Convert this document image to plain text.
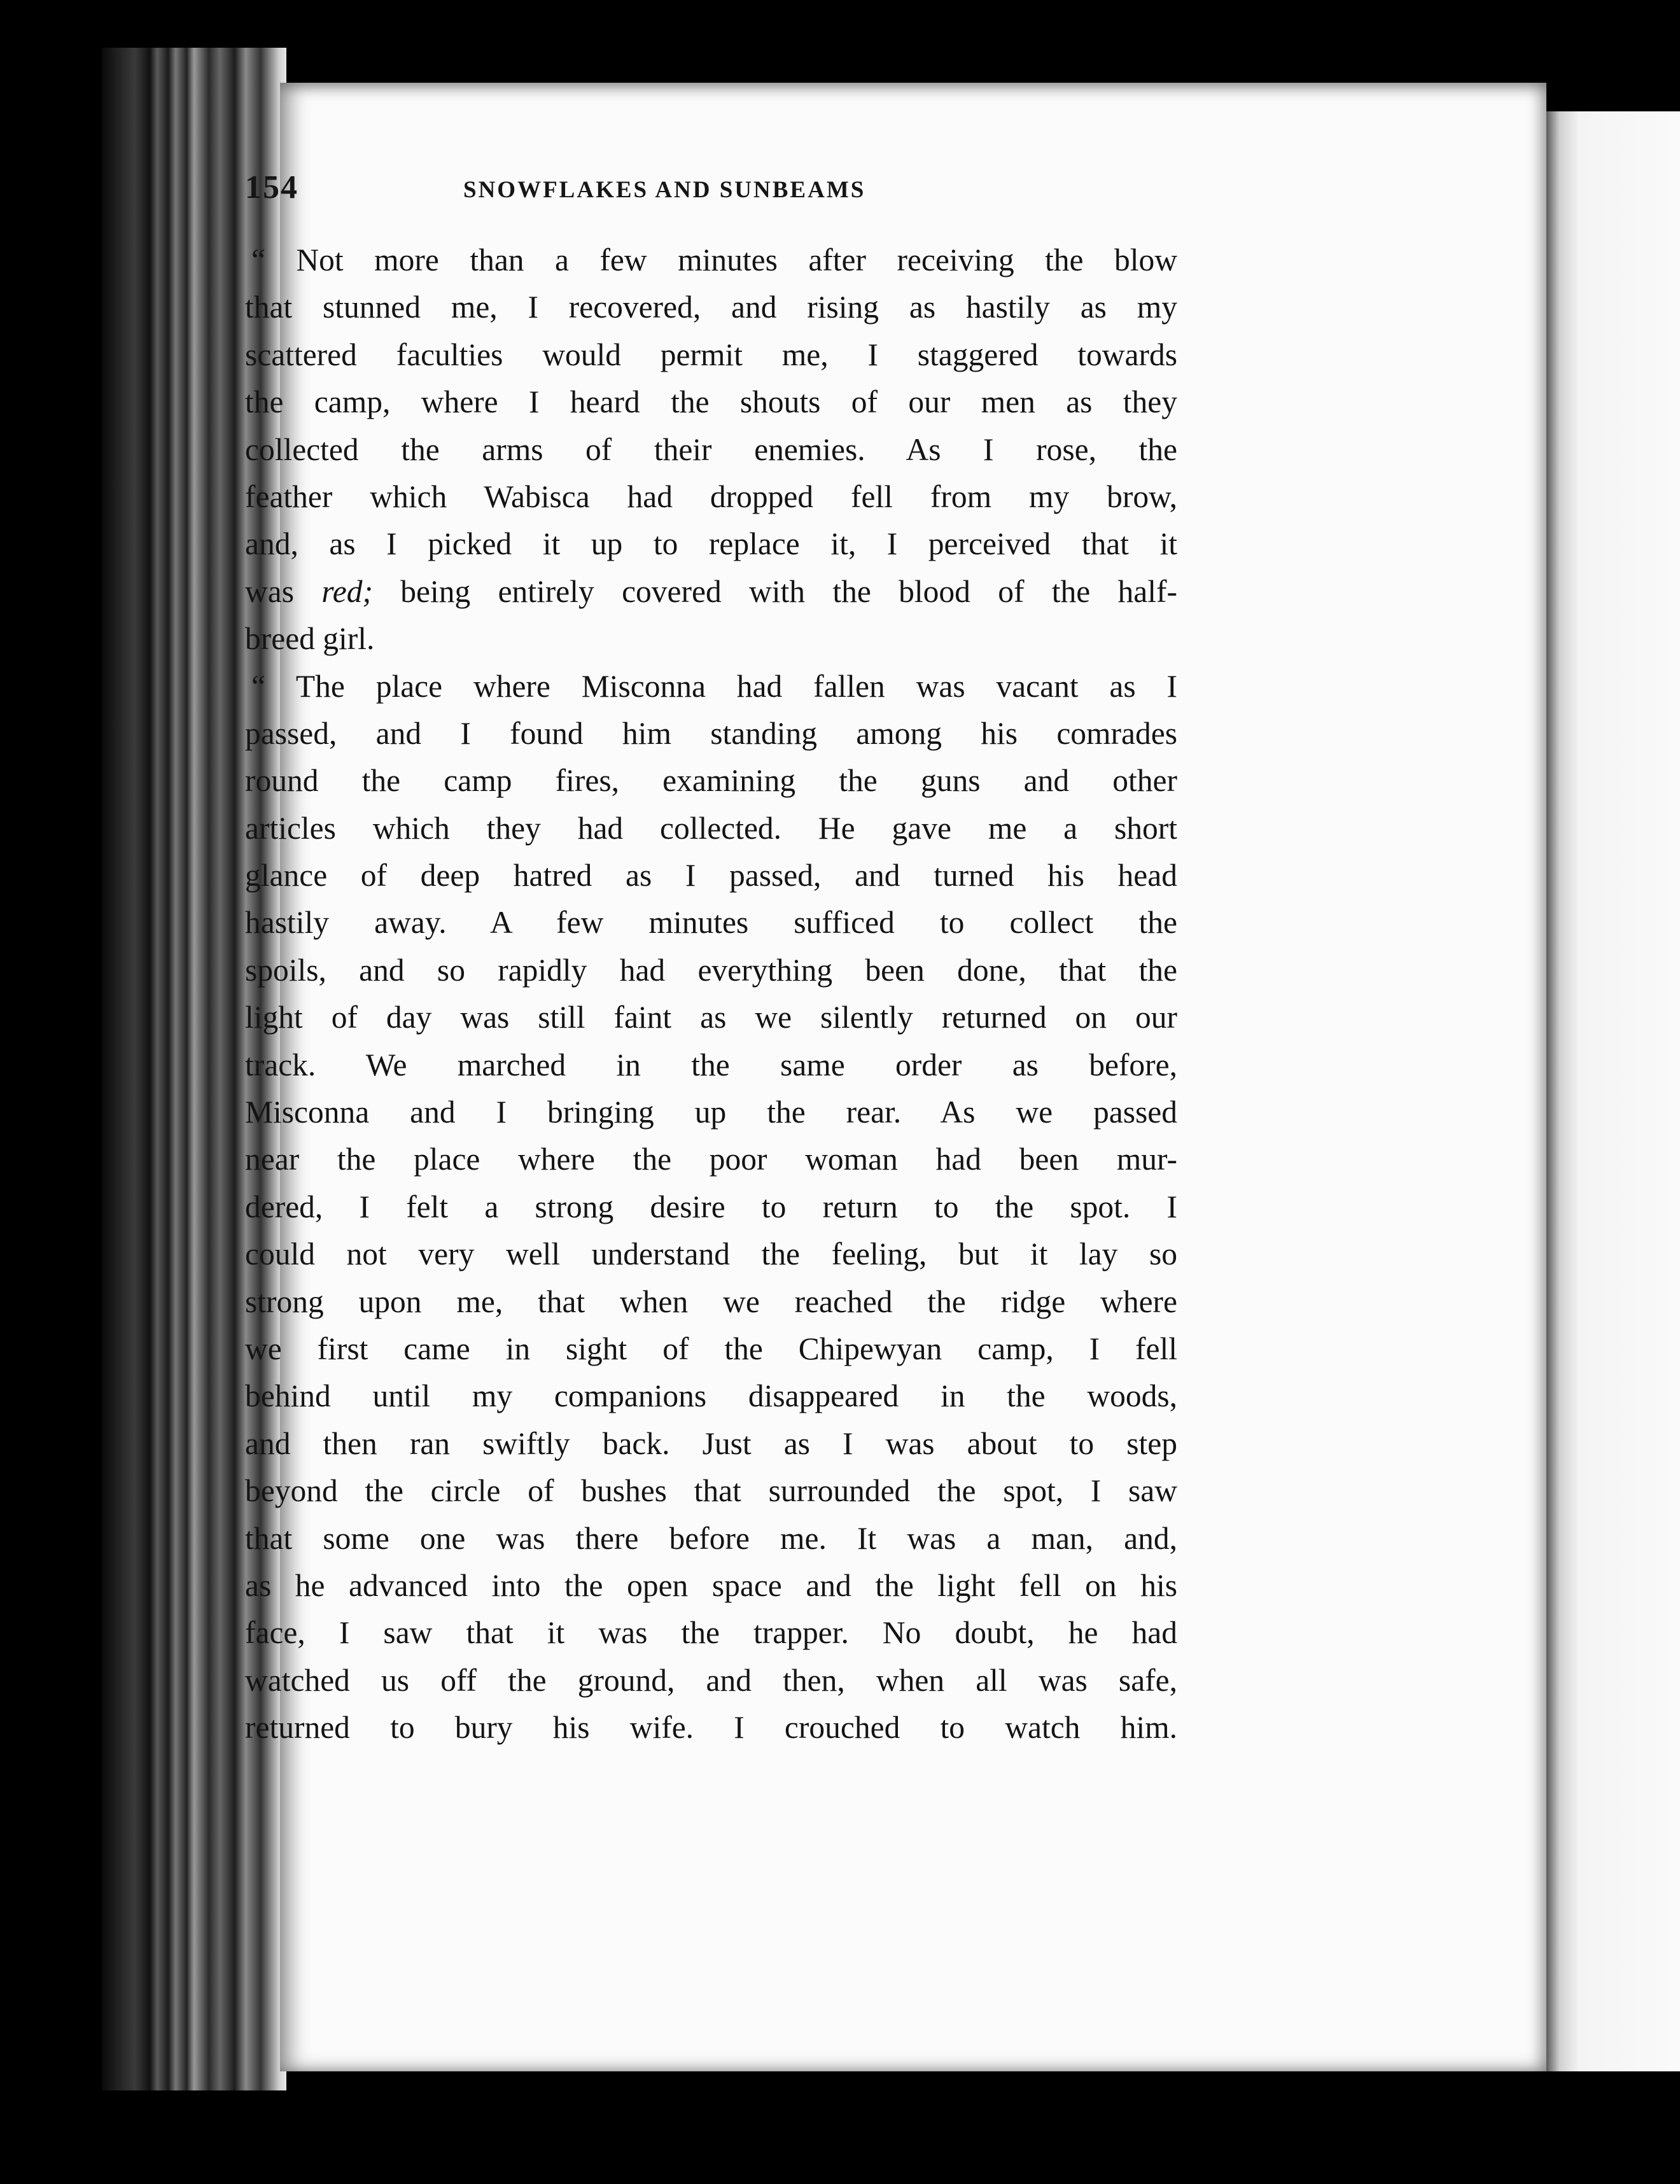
154	SNOWFLAKES AND SUNBEAMS
“ Not more than a few minutes after receiving the blow
that stunned me, I recovered, and rising as hastily as my
scattered faculties would permit me, I staggered towards
the camp, where I heard the shouts of our men as they
collected the arms of their enemies. As I rose, the
feather which Wabisca had dropped fell from my brow,
and, as I picked it up to replace it, I perceived that it
was red; being entirely covered with the blood of the half-
breed girl.
“ The place where Misconna had fallen was vacant as I
passed, and I found him standing among his comrades
round the camp fires, examining the guns and other
articles which they had collected. He gave me a short
glance of deep hatred as I passed, and turned his head
hastily away. A few minutes sufficed to collect the
spoils, and so rapidly had everything been done, that the
light of day was still faint as we silently returned on our
track. We marched in the same order as before,
Misconna and I bringing up the rear. As we passed
near the place where the poor woman had been mur-
dered, I felt a strong desire to return to the spot. I
could not very well understand the feeling, but it lay so
strong upon me, that when we reached the ridge where
we first came in sight of the Chipewyan camp, I fell
behind until my companions disappeared in the woods,
and then ran swiftly back. Just as I was about to step
beyond the circle of bushes that surrounded the spot, I saw
that some one was there before me. It was a man, and,
as he advanced into the open space and the light fell on his
face, I saw that it was the trapper. No doubt, he had
watched us off the ground, and then, when all was safe,
returned to bury his wife. I crouched to watch him.
